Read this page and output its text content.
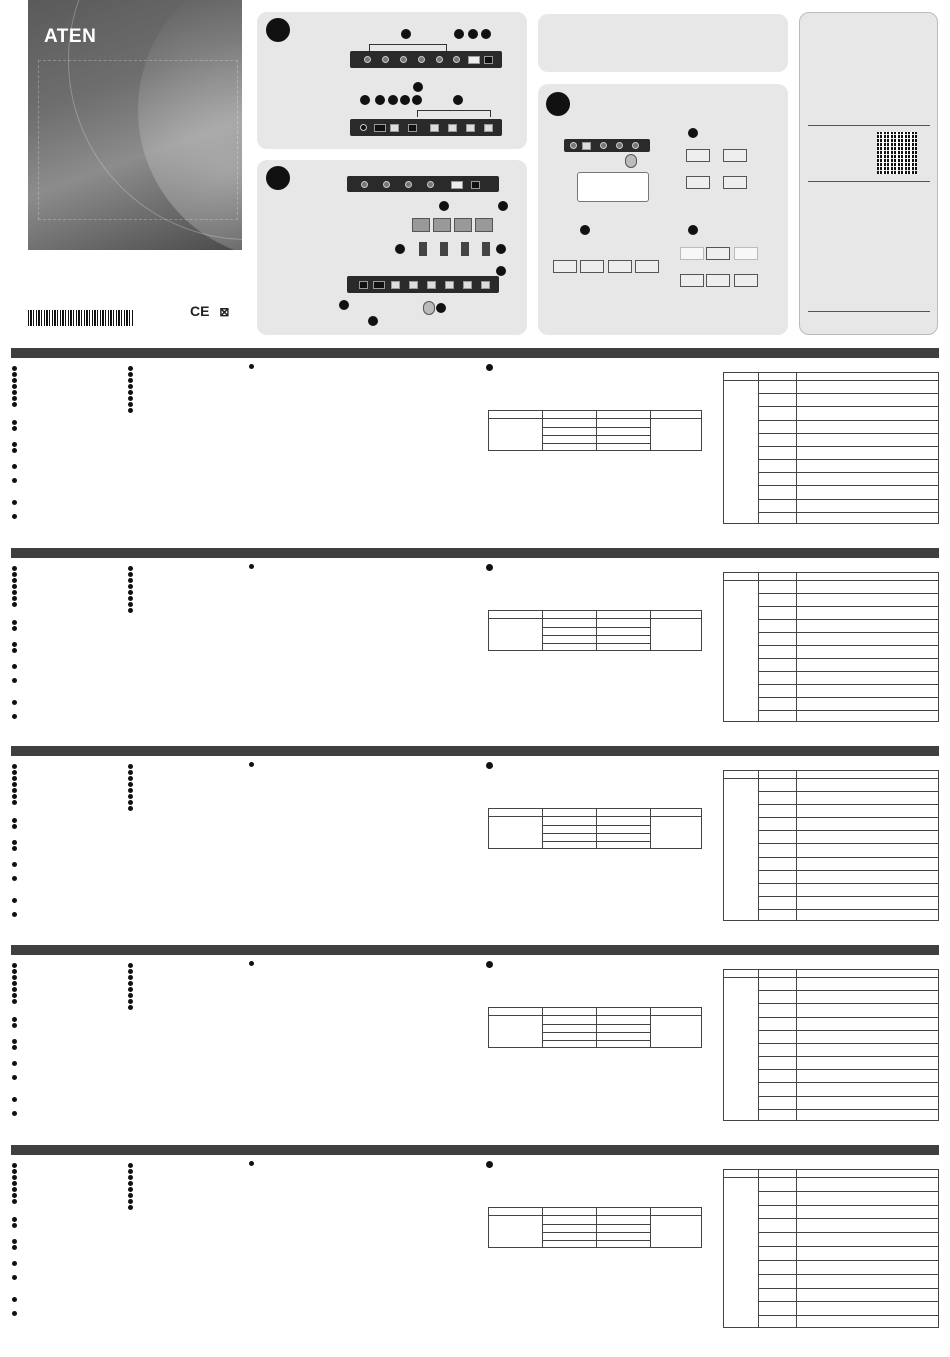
ATEN
CE ⊠
